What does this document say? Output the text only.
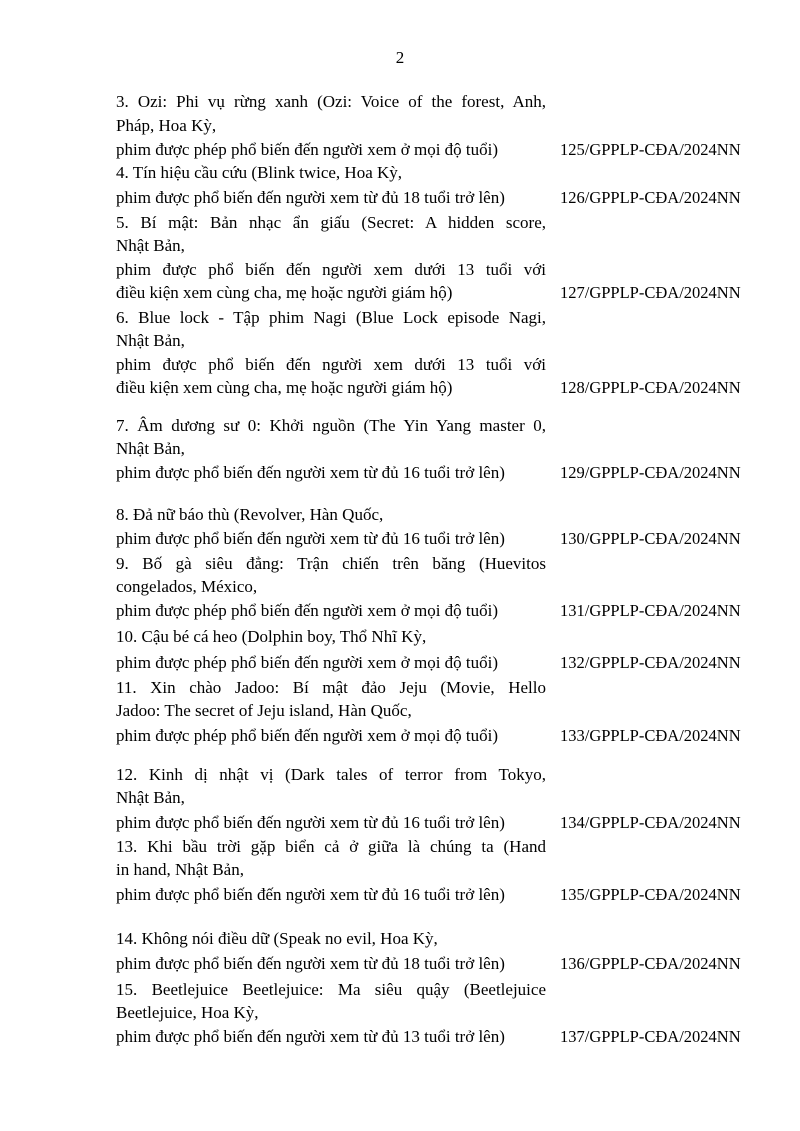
2
3. Ozi: Phi vụ rừng xanh (Ozi: Voice of the forest, Anh,
Pháp, Hoa Kỳ,
phim được phép phổ biến đến người xem ở mọi độ tuổi)	125/GPPLP-CĐA/2024NN
4. Tín hiệu cầu cứu (Blink twice, Hoa Kỳ,
phim được phổ biến đến người xem từ đủ 18 tuổi trở lên)	126/GPPLP-CĐA/2024NN
5. Bí mật: Bản nhạc ẩn giấu (Secret: A hidden score,
Nhật Bản,
phim được phổ biến đến người xem dưới 13 tuổi với
điều kiện xem cùng cha, mẹ hoặc người giám hộ)	127/GPPLP-CĐA/2024NN
6. Blue lock - Tập phim Nagi (Blue Lock episode Nagi,
Nhật Bản,
phim được phổ biến đến người xem dưới 13 tuổi với
điều kiện xem cùng cha, mẹ hoặc người giám hộ)	128/GPPLP-CĐA/2024NN
7. Âm dương sư 0: Khởi nguồn (The Yin Yang master 0,
Nhật Bản,
phim được phổ biến đến người xem từ đủ 16 tuổi trở lên)	129/GPPLP-CĐA/2024NN
8. Đả nữ báo thù (Revolver, Hàn Quốc,
phim được phổ biến đến người xem từ đủ 16 tuổi trở lên)	130/GPPLP-CĐA/2024NN
9. Bố gà siêu đẳng: Trận chiến trên băng (Huevitos
congelados, México,
phim được phép phổ biến đến người xem ở mọi độ tuổi)	131/GPPLP-CĐA/2024NN
10. Cậu bé cá heo (Dolphin boy, Thổ Nhĩ Kỳ,
phim được phép phổ biến đến người xem ở mọi độ tuổi)	132/GPPLP-CĐA/2024NN
11. Xin chào Jadoo: Bí mật đảo Jeju (Movie, Hello
Jadoo: The secret of Jeju island, Hàn Quốc,
phim được phép phổ biến đến người xem ở mọi độ tuổi)	133/GPPLP-CĐA/2024NN
12. Kinh dị nhật vị (Dark tales of terror from Tokyo,
Nhật Bản,
phim được phổ biến đến người xem từ đủ 16 tuổi trở lên)	134/GPPLP-CĐA/2024NN
13. Khi bầu trời gặp biển cả ở giữa là chúng ta (Hand
in hand, Nhật Bản,
phim được phổ biến đến người xem từ đủ 16 tuổi trở lên)	135/GPPLP-CĐA/2024NN
14. Không nói điều dữ (Speak no evil, Hoa Kỳ,
phim được phổ biến đến người xem từ đủ 18 tuổi trở lên)	136/GPPLP-CĐA/2024NN
15. Beetlejuice Beetlejuice: Ma siêu quậy (Beetlejuice
Beetlejuice, Hoa Kỳ,
phim được phổ biến đến người xem từ đủ 13 tuổi trở lên)	137/GPPLP-CĐA/2024NN
